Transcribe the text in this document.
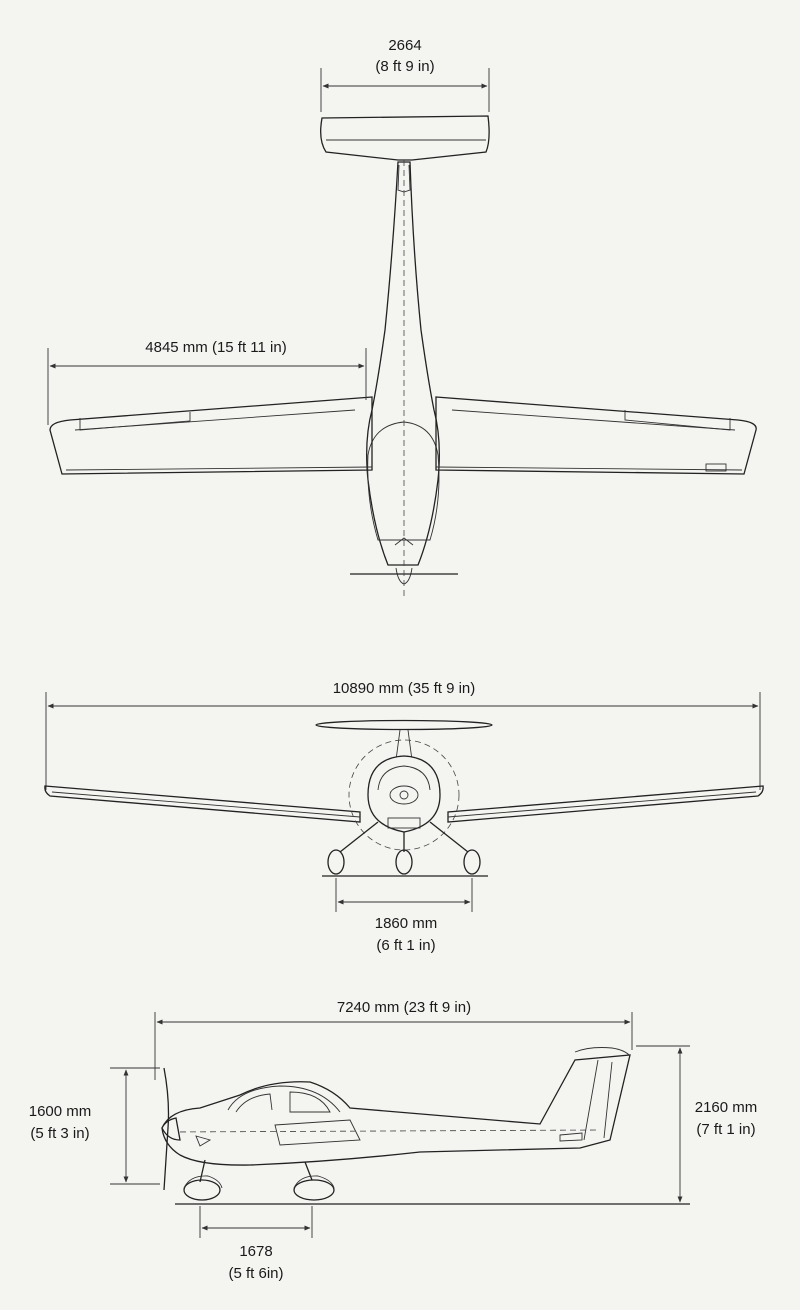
2664
(8 ft 9 in)
4845 mm (15 ft 11 in)
10890 mm (35 ft 9 in)
1860 mm
(6 ft 1 in)
7240 mm (23 ft 9 in)
1600 mm
(5 ft 3 in)
2160 mm
(7 ft 1 in)
1678
(5 ft 6in)
